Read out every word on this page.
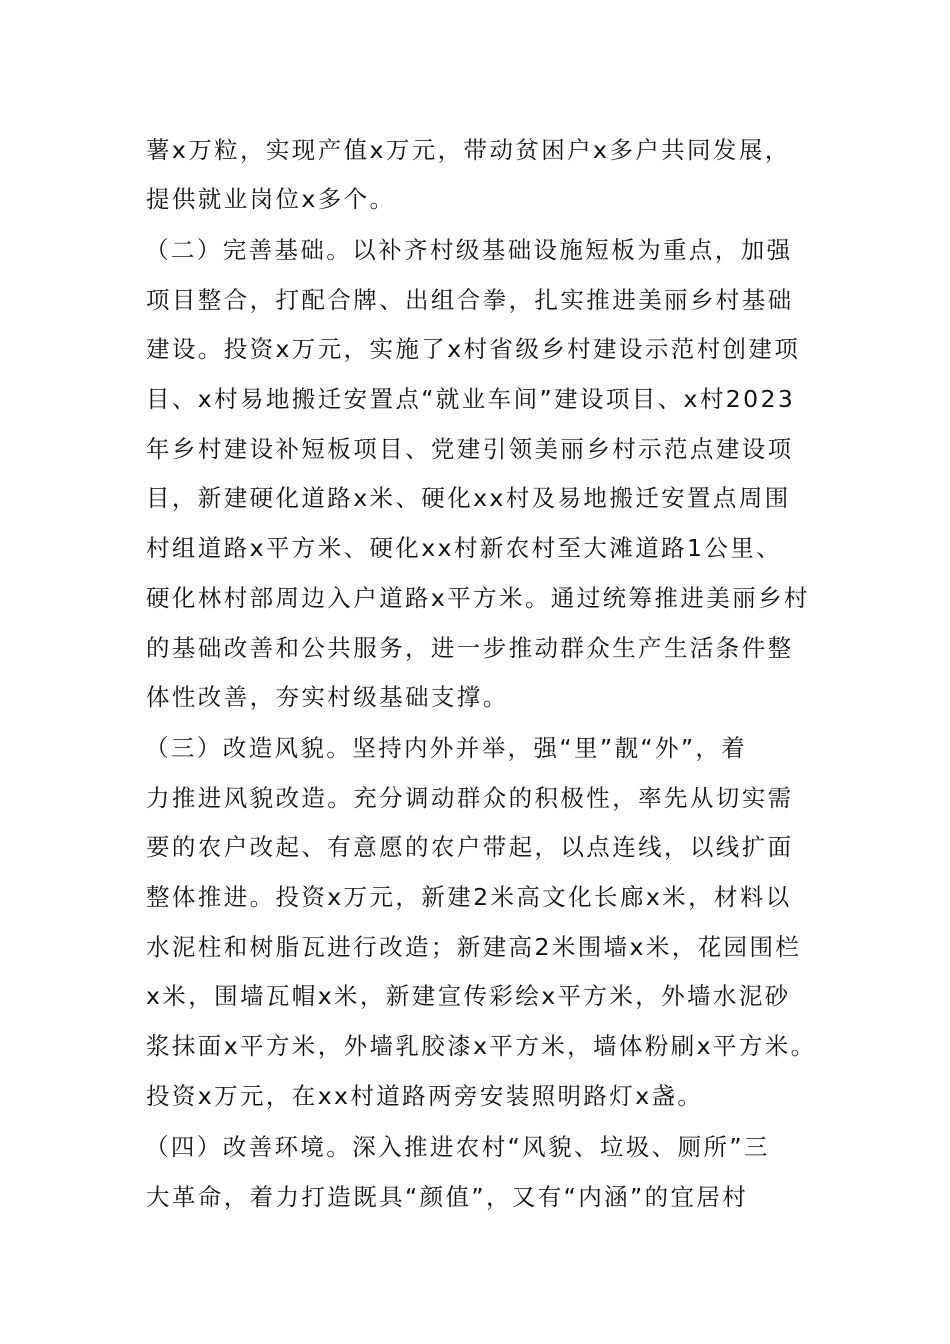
薯x万粒，实现产值x万元，带动贫困户x多户共同发展，
提供就业岗位x多个。
（二）完善基础。以补齐村级基础设施短板为重点，加强
项目整合，打配合牌、出组合拳，扎实推进美丽乡村基础
建设。投资x万元，实施了x村省级乡村建设示范村创建项
目、x村易地搬迁安置点“就业车间”建设项目、x村2023
年乡村建设补短板项目、党建引领美丽乡村示范点建设项
目，新建硬化道路x米、硬化xx村及易地搬迁安置点周围
村组道路x平方米、硬化xx村新农村至大滩道路1公里、
硬化林村部周边入户道路x平方米。通过统筹推进美丽乡村
的基础改善和公共服务，进一步推动群众生产生活条件整
体性改善，夯实村级基础支撑。
（三）改造风貌。坚持内外并举，强“里”靓“外”，着
力推进风貌改造。充分调动群众的积极性，率先从切实需
要的农户改起、有意愿的农户带起，以点连线，以线扩面
整体推进。投资x万元，新建2米高文化长廊x米，材料以
水泥柱和树脂瓦进行改造；新建高2米围墙x米，花园围栏
x米，围墙瓦帽x米，新建宣传彩绘x平方米，外墙水泥砂
浆抹面x平方米，外墙乳胶漆x平方米，墙体粉刷x平方米。
投资x万元，在xx村道路两旁安装照明路灯x盏。
（四）改善环境。深入推进农村“风貌、垃圾、厕所”三
大革命，着力打造既具“颜值”，又有“内涵”的宜居村
